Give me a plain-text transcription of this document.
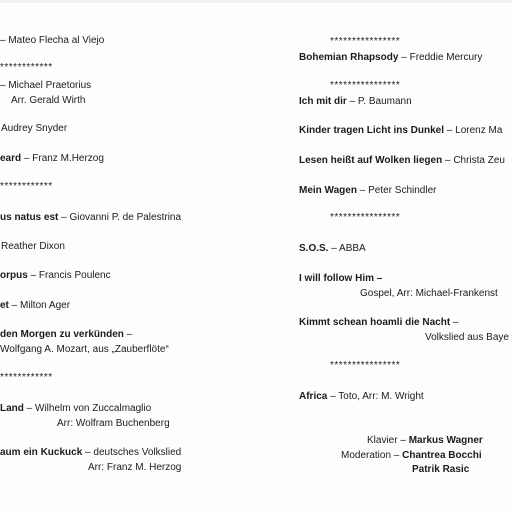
– Mateo Flecha al Viejo
************
– Michael Praetorius
Arr. Gerald Wirth
Audrey Snyder
eard – Franz M.Herzog
************
us natus est – Giovanni P. de Palestrina
Reather Dixon
orpus – Francis Poulenc
et – Milton Ager
den Morgen zu verkünden –
Wolfgang A. Mozart, aus „Zauberflöte“
************
Land – Wilhelm von Zuccalmaglio
Arr: Wolfram Buchenberg
aum ein Kuckuck – deutsches Volkslied
Arr: Franz M. Herzog
****************
Bohemian Rhapsody – Freddie Mercury
****************
Ich mit dir – P. Baumann
Kinder tragen Licht ins Dunkel – Lorenz Ma
Lesen heißt auf Wolken liegen – Christa Zeu
Mein Wagen – Peter Schindler
****************
S.O.S. – ABBA
I will follow Him –
Gospel, Arr: Michael-Frankenst
Kimmt schean hoamli die Nacht –
Volkslied aus Baye
****************
Africa – Toto, Arr: M. Wright
Klavier – Markus Wagner
Moderation – Chantrea Bocchi
Patrik Rasic
